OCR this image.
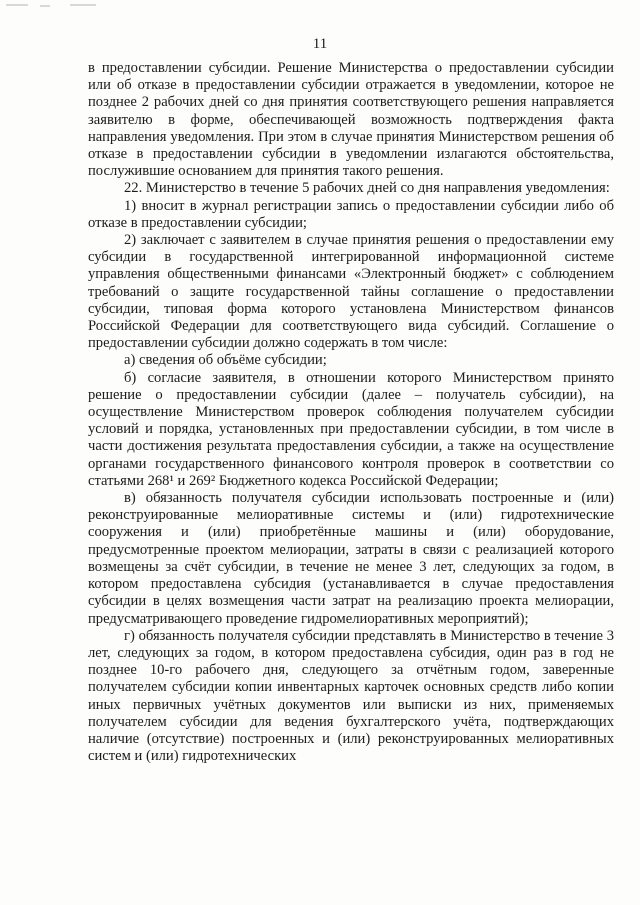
11

в предоставлении субсидии. Решение Министерства о предоставлении субсидии или об отказе в предоставлении субсидии отражается в уведомлении, которое не позднее 2 рабочих дней со дня принятия соответствующего решения направляется заявителю в форме, обеспечивающей возможность подтверждения факта направления уведомления. При этом в случае принятия Министерством решения об отказе в предоставлении субсидии в уведомлении излагаются обстоятельства, послужившие основанием для принятия такого решения.

22. Министерство в течение 5 рабочих дней со дня направления уведомления:

1) вносит в журнал регистрации запись о предоставлении субсидии либо об отказе в предоставлении субсидии;

2) заключает с заявителем в случае принятия решения о предоставлении ему субсидии в государственной интегрированной информационной системе управления общественными финансами «Электронный бюджет» с соблюдением требований о защите государственной тайны соглашение о предоставлении субсидии, типовая форма которого установлена Министерством финансов Российской Федерации для соответствующего вида субсидий. Соглашение о предоставлении субсидии должно содержать в том числе:

а) сведения об объёме субсидии;

б) согласие заявителя, в отношении которого Министерством принято решение о предоставлении субсидии (далее – получатель субсидии), на осуществление Министерством проверок соблюдения получателем субсидии условий и порядка, установленных при предоставлении субсидии, в том числе в части достижения результата предоставления субсидии, а также на осуществление органами государственного финансового контроля проверок в соответствии со статьями 268¹ и 269² Бюджетного кодекса Российской Федерации;

в) обязанность получателя субсидии использовать построенные и (или) реконструированные мелиоративные системы и (или) гидротехнические сооружения и (или) приобретённые машины и (или) оборудование, предусмотренные проектом мелиорации, затраты в связи с реализацией которого возмещены за счёт субсидии, в течение не менее 3 лет, следующих за годом, в котором предоставлена субсидия (устанавливается в случае предоставления субсидии в целях возмещения части затрат на реализацию проекта мелиорации, предусматривающего проведение гидромелиоративных мероприятий);

г) обязанность получателя субсидии представлять в Министерство в течение 3 лет, следующих за годом, в котором предоставлена субсидия, один раз в год не позднее 10-го рабочего дня, следующего за отчётным годом, заверенные получателем субсидии копии инвентарных карточек основных средств либо копии иных первичных учётных документов или выписки из них, применяемых получателем субсидии для ведения бухгалтерского учёта, подтверждающих наличие (отсутствие) построенных и (или) реконструированных мелиоративных систем и (или) гидротехнических
